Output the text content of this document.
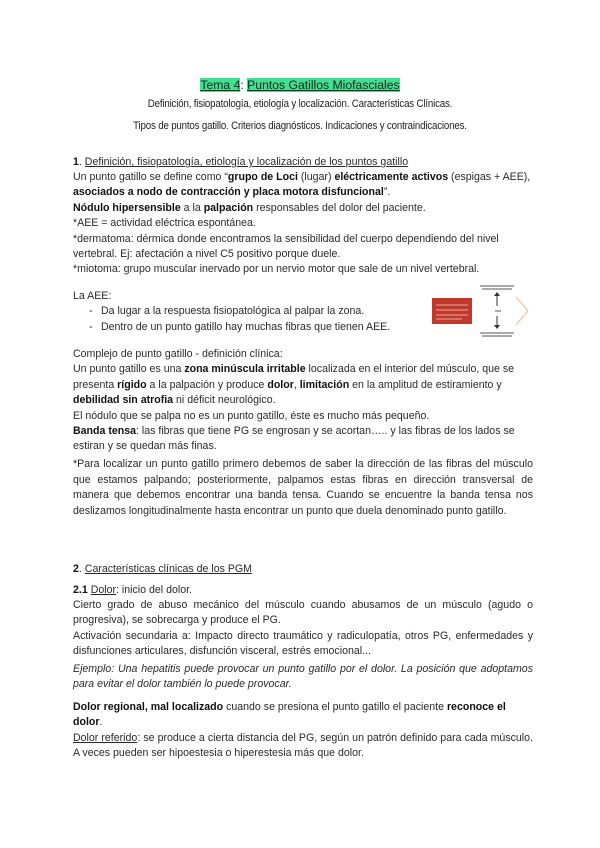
Tema 4: Puntos Gatillos Miofasciales
Definición, fisiopatología, etiología y localización. Características Clínicas.
Tipos de puntos gatillo. Criterios diagnósticos. Indicaciones y contraindicaciones.
1. Definición, fisiopatología, etiología y localización de los puntos gatillo
Un punto gatillo se define como “grupo de Loci (lugar) eléctricamente activos (espigas + AEE), asociados a nodo de contracción y placa motora disfuncional”.
Nódulo hipersensible a la palpación responsables del dolor del paciente.
*AEE = actividad eléctrica espontánea.
*dermatoma: dérmica donde encontramos la sensibilidad del cuerpo dependiendo del nivel vertebral. Ej: afectación a nivel C5 positivo porque duele.
*miotoma: grupo muscular inervado por un nervio motor que sale de un nivel vertebral.
La AEE:
- Da lugar a la respuesta fisiopatológica al palpar la zona.
- Dentro de un punto gatillo hay muchas fibras que tienen AEE.
Complejo de punto gatillo - definición clínica:
Un punto gatillo es una zona minúscula irritable localizada en el interior del músculo, que se presenta rígido a la palpación y produce dolor, limitación en la amplitud de estiramiento y debilidad sin atrofia ni déficit neurológico.
El nódulo que se palpa no es un punto gatillo, éste es mucho más pequeño.
Banda tensa: las fibras que tiene PG se engrosan y se acortan….. y las fibras de los lados se estiran y se quedan más finas.
*Para localizar un punto gatillo primero debemos de saber la dirección de las fibras del músculo que estamos palpando; posteriormente, palpamos estas fibras en dirección transversal de manera que debemos encontrar una banda tensa. Cuando se encuentre la banda tensa nos deslizamos longitudinalmente hasta encontrar un punto que duela denominado punto gatillo.
2. Características clínicas de los PGM
2.1 Dolor: inicio del dolor.
Cierto grado de abuso mecánico del músculo cuando abusamos de un músculo (agudo o progresiva), se sobrecarga y produce el PG.
Activación secundaria a: Impacto directo traumático y radiculopatía, otros PG, enfermedades y disfunciones articulares, disfunción visceral, estrés emocional...
Ejemplo: Una hepatitis puede provocar un punto gatillo por el dolor. La posición que adoptamos para evitar el dolor también lo puede provocar.
Dolor regional, mal localizado cuando se presiona el punto gatillo el paciente reconoce el dolor.
Dolor referido: se produce a cierta distancia del PG, según un patrón definido para cada músculo. A veces pueden ser hipoestesia o hiperestesia más que dolor.
